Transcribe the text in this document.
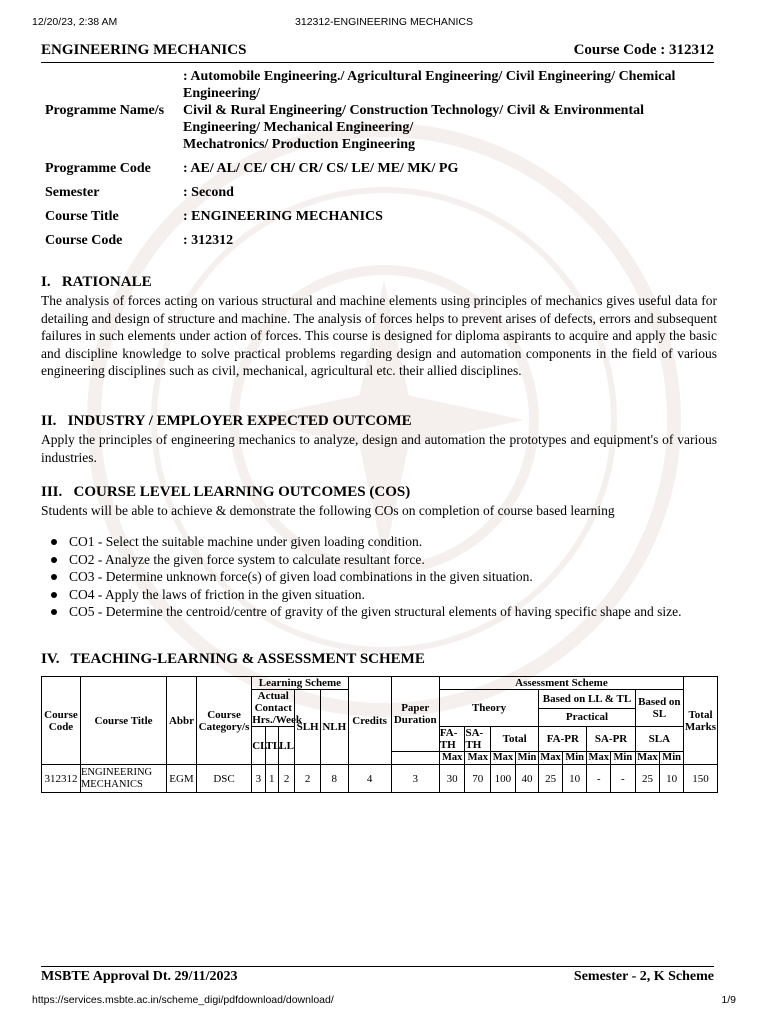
12/20/23, 2:38 AM	312312-ENGINEERING MECHANICS
ENGINEERING MECHANICS	Course Code : 312312
Programme Name/s	: Automobile Engineering./ Agricultural Engineering/ Civil Engineering/ Chemical
Engineering/
Civil & Rural Engineering/ Construction Technology/ Civil & Environmental
Engineering/ Mechanical Engineering/
Mechatronics/ Production Engineering

Programme Code	: AE/ AL/ CE/ CH/ CR/ CS/ LE/ ME/ MK/ PG
Semester	: Second
Course Title	: ENGINEERING MECHANICS
Course Code	: 312312
I.   RATIONALE
The analysis of forces acting on various structural and machine elements using principles of mechanics gives useful data for detailing and design of structure and machine. The analysis of forces helps to prevent arises of defects, errors and subsequent failures in such elements under action of forces. This course is designed for diploma aspirants to acquire and apply the basic and discipline knowledge to solve practical problems regarding design and automation components in the field of various engineering disciplines such as civil, mechanical, agricultural etc. their allied disciplines.
II.   INDUSTRY / EMPLOYER EXPECTED OUTCOME
Apply the principles of engineering mechanics to analyze, design and automation the prototypes and equipment's of various industries.
III.   COURSE LEVEL LEARNING OUTCOMES (COS)
Students will be able to achieve & demonstrate the following COs on completion of course based learning
CO1 - Select the suitable machine under given loading condition.
CO2 - Analyze the given force system to calculate resultant force.
CO3 - Determine unknown force(s) of given load combinations in the given situation.
CO4 - Apply the laws of friction in the given situation.
CO5 - Determine the centroid/centre of gravity of the given structural elements of having specific shape and size.
IV.   TEACHING-LEARNING & ASSESSMENT SCHEME
Course Code	Course Title	Abbr	Course Category/s	Learning Scheme					Credits	Paper Duration	Assessment Scheme										Total Marks
				Actual Contact Hrs./Week			SLH	NLH			Theory				Based on LL & TL				Based on SL		
															Practical						
				CL	TL	LL					FA-TH	SA-TH	Total		FA-PR		SA-PR		SLA		
											Max	Max	Max	Min	Max	Min	Max	Min	Max	Min	
312312	ENGINEERING MECHANICS	EGM	DSC	3	1	2	2	8	4	3	30	70	100	40	25	10	-	-	25	10	150
MSBTE Approval Dt. 29/11/2023	Semester - 2, K Scheme
https://services.msbte.ac.in/scheme_digi/pdfdownload/download/	1/9
